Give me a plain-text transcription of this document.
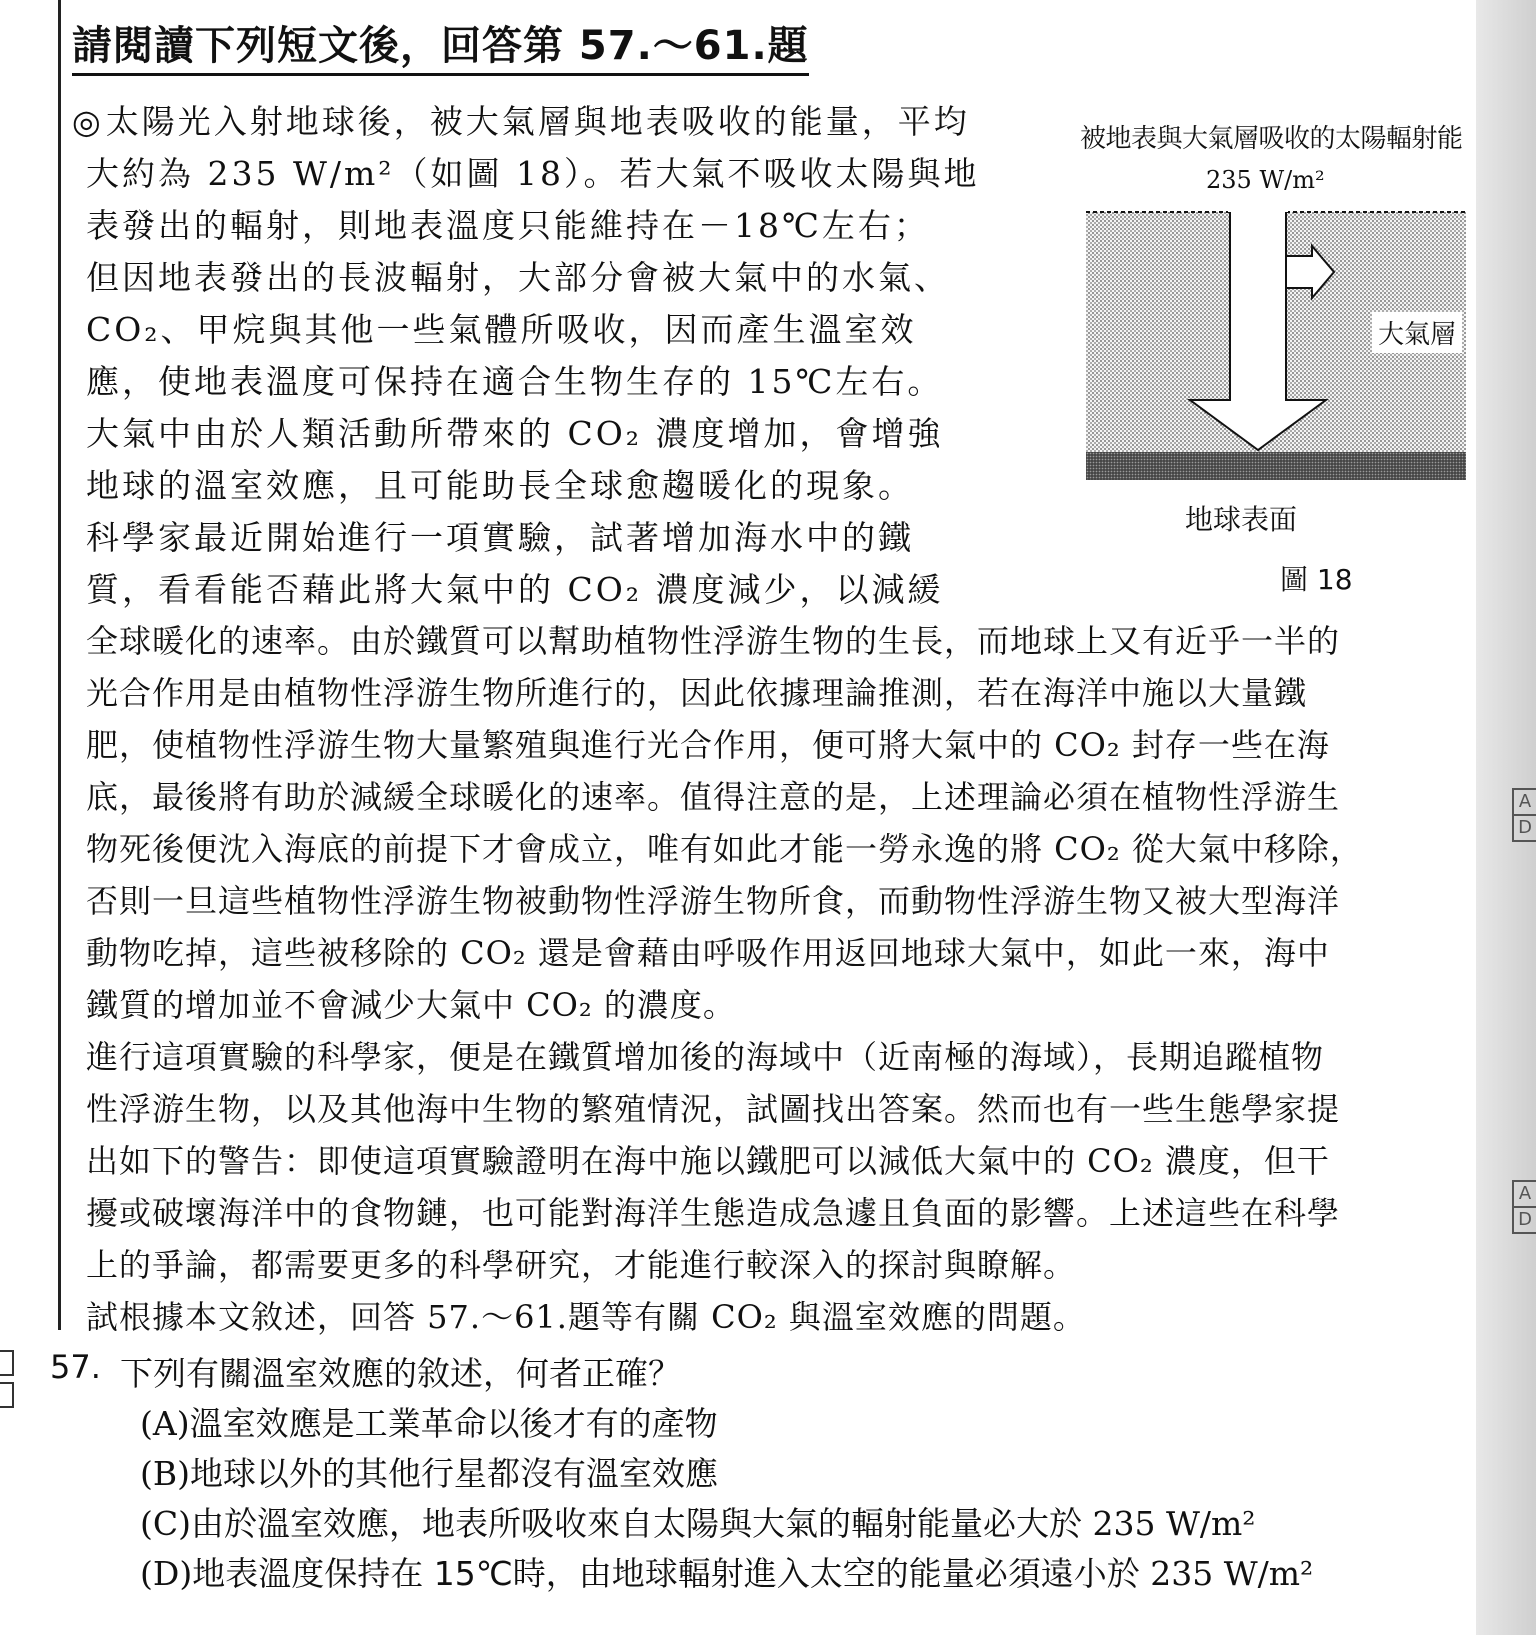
請閱讀下列短文後，回答第 57.～61.題
◎太陽光入射地球後，被大氣層與地表吸收的能量，平均
大約為 235 W/m²（如圖 18）。若大氣不吸收太陽與地
表發出的輻射，則地表溫度只能維持在－18℃左右；
但因地表發出的長波輻射，大部分會被大氣中的水氣、
CO₂、甲烷與其他一些氣體所吸收，因而產生溫室效
應，使地表溫度可保持在適合生物生存的 15℃左右。
大氣中由於人類活動所帶來的 CO₂ 濃度增加，會增強
地球的溫室效應，且可能助長全球愈趨暖化的現象。
科學家最近開始進行一項實驗，試著增加海水中的鐵
質，看看能否藉此將大氣中的 CO₂ 濃度減少，以減緩
全球暖化的速率。由於鐵質可以幫助植物性浮游生物的生長，而地球上又有近乎一半的
光合作用是由植物性浮游生物所進行的，因此依據理論推測，若在海洋中施以大量鐵
肥，使植物性浮游生物大量繁殖與進行光合作用，便可將大氣中的 CO₂ 封存一些在海
底，最後將有助於減緩全球暖化的速率。值得注意的是，上述理論必須在植物性浮游生
物死後便沈入海底的前提下才會成立，唯有如此才能一勞永逸的將 CO₂ 從大氣中移除，
否則一旦這些植物性浮游生物被動物性浮游生物所食，而動物性浮游生物又被大型海洋
動物吃掉，這些被移除的 CO₂ 還是會藉由呼吸作用返回地球大氣中，如此一來，海中
鐵質的增加並不會減少大氣中 CO₂ 的濃度。
進行這項實驗的科學家，便是在鐵質增加後的海域中（近南極的海域），長期追蹤植物
性浮游生物，以及其他海中生物的繁殖情況，試圖找出答案。然而也有一些生態學家提
出如下的警告：即使這項實驗證明在海中施以鐵肥可以減低大氣中的 CO₂ 濃度，但干
擾或破壞海洋中的食物鏈，也可能對海洋生態造成急遽且負面的影響。上述這些在科學
上的爭論，都需要更多的科學研究，才能進行較深入的探討與瞭解。
試根據本文敘述，回答 57.～61.題等有關 CO₂ 與溫室效應的問題。
被地表與大氣層吸收的太陽輻射能
235 W/m²
大氣層
地球表面
圖 18
57. 下列有關溫室效應的敘述，何者正確？
(A)溫室效應是工業革命以後才有的產物
(B)地球以外的其他行星都沒有溫室效應
(C)由於溫室效應，地表所吸收來自太陽與大氣的輻射能量必大於 235 W/m²
(D)地表溫度保持在 15℃時，由地球輻射進入太空的能量必須遠小於 235 W/m²
A
D
A
D
